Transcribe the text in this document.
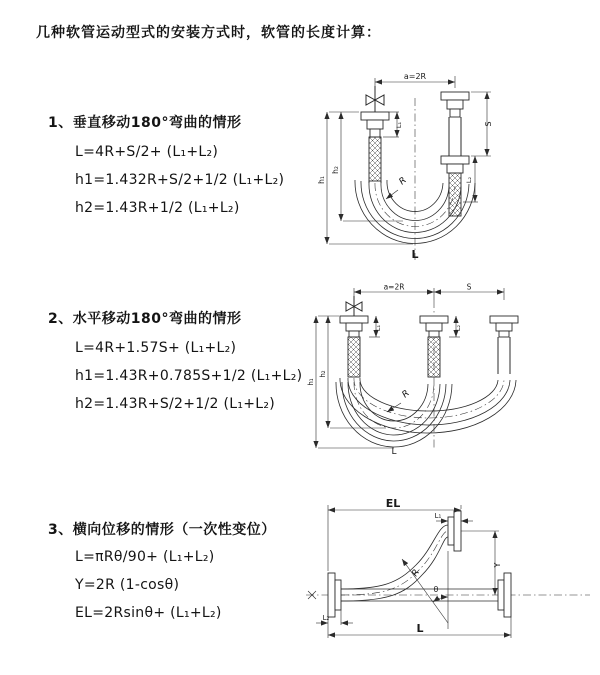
几种软管运动型式的安装方式时，软管的长度计算：
1、垂直移动180°弯曲的情形
L=4R+S/2+ (L₁+L₂)
h1=1.432R+S/2+1/2 (L₁+L₂)
h2=1.43R+1/2 (L₁+L₂)
a=2R
h₁
h₂
L₁	S
L₂
R
L
2、水平移动180°弯曲的情形
L=4R+1.57S+ (L₁+L₂)
h1=1.43R+0.785S+1/2 (L₁+L₂)
h2=1.43R+S/2+1/2 (L₁+L₂)
a=2R	S
h₁
h₂
L₁	L₂
R
L
3、横向位移的情形（一次性变位）
L=πRθ/90+ (L₁+L₂)
Y=2R (1-cosθ)
EL=2Rsinθ+ (L₁+L₂)
EL
L₁
Y
R
θ
L
L₂
